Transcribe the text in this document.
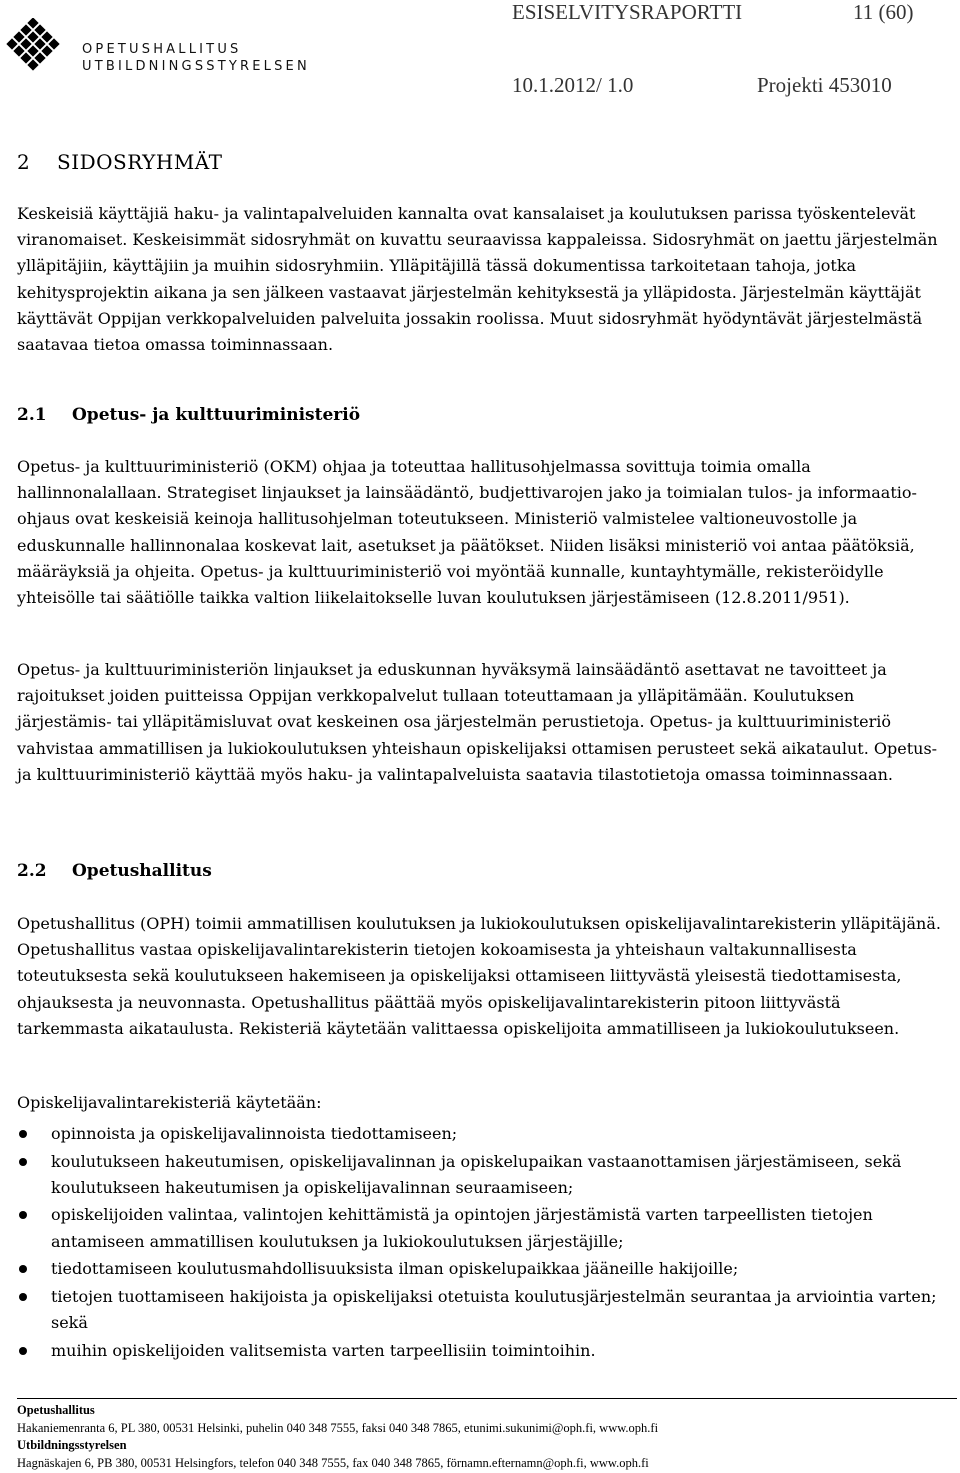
OPETUSHALLITUS
UTBILDNINGSSTYRELSEN
ESISELVITYSRAPORTTI	11 (60)
10.1.2012/ 1.0	Projekti 453010
2 SIDOSRYHMÄT

Keskeisiä käyttäjiä haku- ja valintapalveluiden kannalta ovat kansalaiset ja koulutuksen parissa työskentelevät viranomaiset. Keskeisimmät sidosryhmät on kuvattu seuraavissa kappaleissa. Sidosryhmät on jaettu järjestelmän ylläpitäjiin, käyttäjiin ja muihin sidosryhmiin. Ylläpitäjillä tässä dokumentissa tarkoitetaan tahoja, jotka kehitysprojektin aikana ja sen jälkeen vastaavat järjestelmän kehityksestä ja ylläpidosta. Järjestelmän käyttäjät käyttävät Oppijan verkkopalveluiden palveluita jossakin roolissa. Muut sidosryhmät hyödyntävät järjestelmästä saatavaa tietoa omassa toiminnassaan.

2.1 Opetus- ja kulttuuriministeriö

Opetus- ja kulttuuriministeriö (OKM) ohjaa ja toteuttaa hallitusohjelmassa sovittuja toimia omalla hallinnonalallaan. Strategiset linjaukset ja lainsäädäntö, budjettivarojen jako ja toimialan tulos- ja informaatio-ohjaus ovat keskeisiä keinoja hallitusohjelman toteutukseen. Ministeriö valmistelee valtioneuvostolle ja eduskunnalle hallinnonalaa koskevat lait, asetukset ja päätökset. Niiden lisäksi ministeriö voi antaa päätöksiä, määräyksiä ja ohjeita. Opetus- ja kulttuuriministeriö voi myöntää kunnalle, kuntayhtymälle, rekisteröidylle yhteisölle tai säätiölle taikka valtion liikelaitokselle luvan koulutuksen järjestämiseen (12.8.2011/951).

Opetus- ja kulttuuriministeriön linjaukset ja eduskunnan hyväksymä lainsäädäntö asettavat ne tavoitteet ja rajoitukset joiden puitteissa Oppijan verkkopalvelut tullaan toteuttamaan ja ylläpitämään. Koulutuksen järjestämis- tai ylläpitämisluvat ovat keskeinen osa järjestelmän perustietoja. Opetus- ja kulttuuriministeriö vahvistaa ammatillisen ja lukiokoulutuksen yhteishaun opiskelijaksi ottamisen perusteet sekä aikataulut. Opetus- ja kulttuuriministeriö käyttää myös haku- ja valintapalveluista saatavia tilastotietoja omassa toiminnassaan.

2.2 Opetushallitus

Opetushallitus (OPH) toimii ammatillisen koulutuksen ja lukiokoulutuksen opiskelijavalintarekisterin ylläpitäjänä. Opetushallitus vastaa opiskelijavalintarekisterin tietojen kokoamisesta ja yhteishaun valtakunnallisesta toteutuksesta sekä koulutukseen hakemiseen ja opiskelijaksi ottamiseen liittyvästä yleisestä tiedottamisesta, ohjauksesta ja neuvonnasta. Opetushallitus päättää myös opiskelijavalintarekisterin pitoon liittyvästä tarkemmasta aikataulusta. Rekisteriä käytetään valittaessa opiskelijoita ammatilliseen ja lukiokoulutukseen.

Opiskelijavalintarekisteriä käytetään:

opinnoista ja opiskelijavalinnoista tiedottamiseen;
koulutukseen hakeutumisen, opiskelijavalinnan ja opiskelupaikan vastaanottamisen järjestämiseen, sekä koulutukseen hakeutumisen ja opiskelijavalinnan seuraamiseen;
opiskelijoiden valintaa, valintojen kehittämistä ja opintojen järjestämistä varten tarpeellisten tietojen antamiseen ammatillisen koulutuksen ja lukiokoulutuksen järjestäjille;
tiedottamiseen koulutusmahdollisuuksista ilman opiskelupaikkaa jääneille hakijoille;
tietojen tuottamiseen hakijoista ja opiskelijaksi otetuista koulutusjärjestelmän seurantaa ja arviointia varten; sekä
muihin opiskelijoiden valitsemista varten tarpeellisiin toimintoihin.
Opetushallitus
Hakaniemenranta 6, PL 380, 00531 Helsinki, puhelin 040 348 7555, faksi 040 348 7865, etunimi.sukunimi@oph.fi, www.oph.fi
Utbildningsstyrelsen
Hagnäskajen 6, PB 380, 00531 Helsingfors, telefon 040 348 7555, fax 040 348 7865, förnamn.efternamn@oph.fi, www.oph.fi
